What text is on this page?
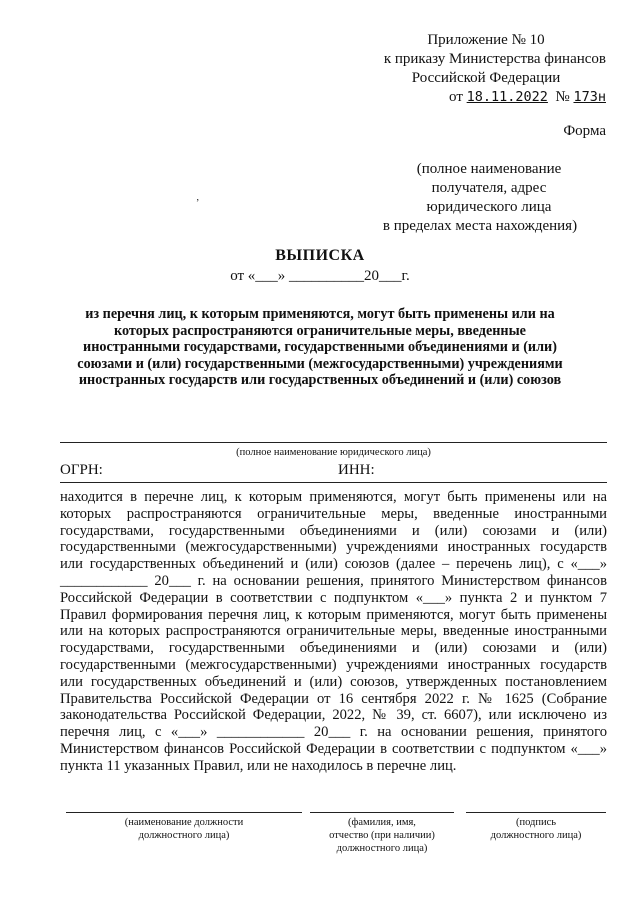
Приложение № 10
к приказу Министерства финансов
Российской Федерации
от 18.11.2022 № 173н
Форма
(полное наименование
получателя, адрес
юридического лица
в пределах места нахождения)
ʼ
ВЫПИСКА
от «___» __________20___г.
из перечня лиц, к которым применяются, могут быть применены или на которых распространяются ограничительные меры, введенные иностранными государствами, государственными объединениями и (или) союзами и (или) государственными (межгосударственными) учреждениями иностранных государств или государственных объединений и (или) союзов
(полное наименование юридического лица)
ОГРН:	ИНН:

находится в перечне лиц, к которым применяются, могут быть применены или на которых распространяются ограничительные меры, введенные иностранными государствами, государственными объединениями и (или) союзами и (или) государственными (межгосударственными) учреждениями иностранных государств или государственных объединений и (или) союзов (далее – перечень лиц), с «___» ____________ 20___ г. на основании решения, принятого Министерством финансов Российской Федерации в соответствии с подпунктом «___» пункта 2 и пунктом 7 Правил формирования перечня лиц, к которым применяются, могут быть применены или на которых распространяются ограничительные меры, введенные иностранными государствами, государственными объединениями и (или) союзами и (или) государственными (межгосударственными) учреждениями иностранных государств или государственных объединений и (или) союзов, утвержденных постановлением Правительства Российской Федерации от 16 сентября 2022 г. № 1625 (Собрание законодательства Российской Федерации, 2022, № 39, ст. 6607), или исключено из перечня лиц, с «___» ____________ 20___ г. на основании решения, принятого Министерством финансов Российской Федерации в соответствии с подпунктом «___» пункта 11 указанных Правил, или не находилось в перечне лиц.

(наименование должности
должностного лица)
(фамилия, имя,
отчество (при наличии)
должностного лица)
(подпись
должностного лица)
